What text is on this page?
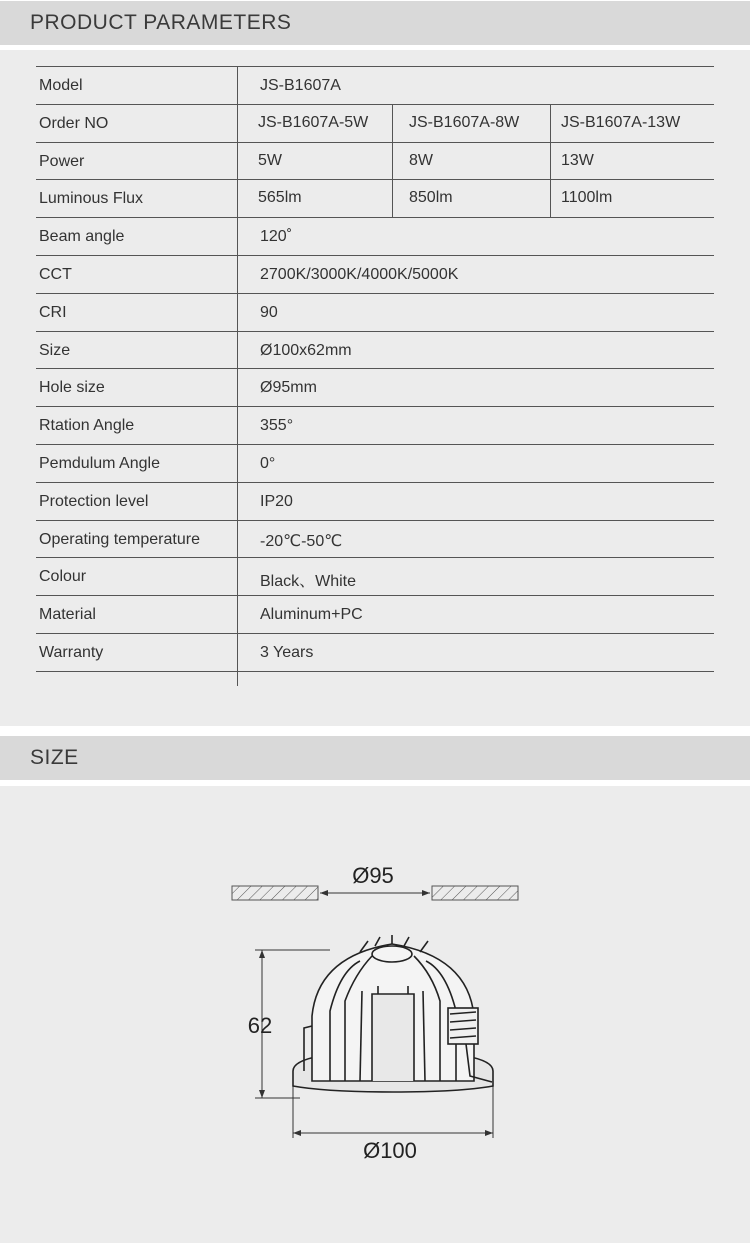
PRODUCT PARAMETERS
Model	JS-B1607A
Order NO	JS-B1607A-5W	JS-B1607A-8W	JS-B1607A-13W
Power	5W	8W	13W
Luminous Flux	565lm	850lm	1100lm
Beam angle	120˚
CCT	2700K/3000K/4000K/5000K
CRI	90
Size	Ø100x62mm
Hole size	Ø95mm
Rtation Angle	355°
Pemdulum Angle	0°
Protection level	IP20
Operating temperature	-20℃-50℃
Colour	Black、White
Material	Aluminum+PC
Warranty	3 Years
SIZE
Ø95
62
Ø100
